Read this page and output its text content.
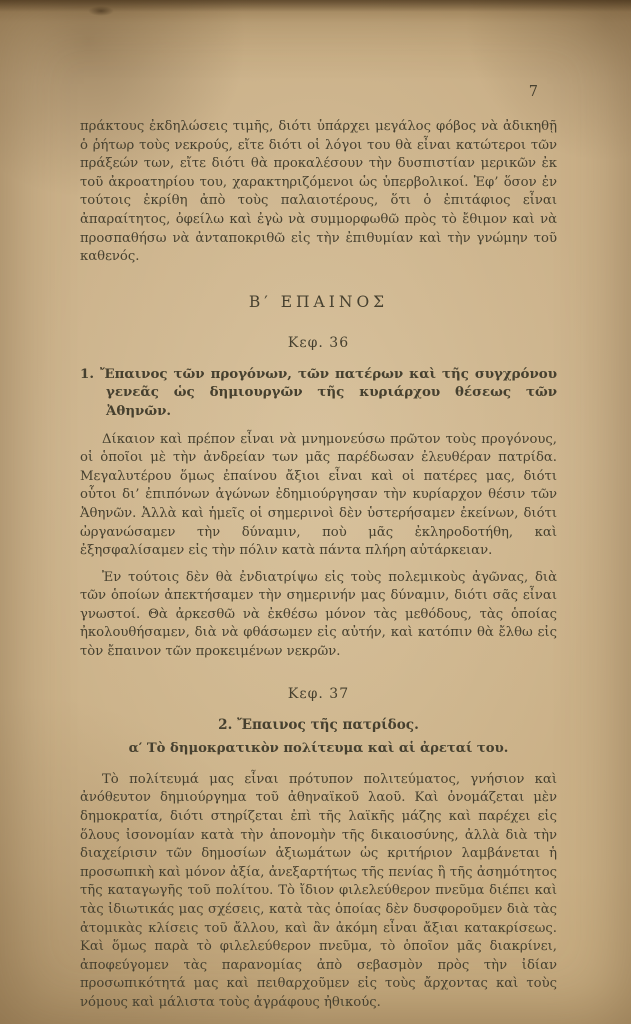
7

πράκτους ἐκδηλώσεις τιμῆς, διότι ὑπάρχει μεγάλος φόβος νὰ ἀδικηθῇ ὁ ῥήτωρ τοὺς νεκρούς, εἴτε διότι οἱ λόγοι του θὰ εἶναι κατώτεροι τῶν πράξεών των, εἴτε διότι θὰ προκαλέσουν τὴν δυσπιστίαν μερικῶν ἐκ τοῦ ἀκροατηρίου του, χαρακτηριζόμενοι ὡς ὑπερβολικοί. Ἐφ’ ὅσον ἐν τούτοις ἐκρίθη ἀπὸ τοὺς παλαιοτέρους, ὅτι ὁ ἐπιτάφιος εἶναι ἀπαραίτητος, ὀφείλω καὶ ἐγὼ νὰ συμμορφωθῶ πρὸς τὸ ἔθιμον καὶ νὰ προσπαθήσω νὰ ἀνταποκριθῶ εἰς τὴν ἐπιθυμίαν καὶ τὴν γνώμην τοῦ καθενός.

Β′ ΕΠΑΙΝΟΣ
Κεφ. 36

1. Ἔπαινος τῶν προγόνων, τῶν πατέρων καὶ τῆς συγχρόνου γενεᾶς ὡς δημιουργῶν τῆς κυριάρχου θέσεως τῶν Ἀθηνῶν.

Δίκαιον καὶ πρέπον εἶναι νὰ μνημονεύσω πρῶτον τοὺς προγόνους, οἱ ὁποῖοι μὲ τὴν ἀνδρείαν των μᾶς παρέδωσαν ἐλευθέραν πατρίδα. Μεγαλυτέρου ὅμως ἐπαίνου ἄξιοι εἶναι καὶ οἱ πατέρες μας, διότι οὗτοι δι’ ἐπιπόνων ἀγώνων ἐδημιούργησαν τὴν κυρίαρχον θέσιν τῶν Ἀθηνῶν. Ἀλλὰ καὶ ἡμεῖς οἱ σημερινοὶ δὲν ὑστερήσαμεν ἐκείνων, διότι ὠργανώσαμεν τὴν δύναμιν, ποὺ μᾶς ἐκληροδοτήθη, καὶ ἐξησφαλίσαμεν εἰς τὴν πόλιν κατὰ πάντα πλήρη αὐτάρκειαν.

Ἐν τούτοις δὲν θὰ ἐνδιατρίψω εἰς τοὺς πολεμικοὺς ἀγῶνας, διὰ τῶν ὁποίων ἀπεκτήσαμεν τὴν σημερινήν μας δύναμιν, διότι σᾶς εἶναι γνωστοί. Θὰ ἀρκεσθῶ νὰ ἐκθέσω μόνον τὰς μεθόδους, τὰς ὁποίας ἠκολουθήσαμεν, διὰ νὰ φθάσωμεν εἰς αὐτήν, καὶ κατόπιν θὰ ἔλθω εἰς τὸν ἔπαινον τῶν προκειμένων νεκρῶν.

Κεφ. 37

2. Ἔπαινος τῆς πατρίδος.

α′ Τὸ δημοκρατικὸν πολίτευμα καὶ αἱ ἀρεταί του.

Τὸ πολίτευμά μας εἶναι πρότυπον πολιτεύματος, γνήσιον καὶ ἀνόθευτον δημιούργημα τοῦ ἀθηναϊκοῦ λαοῦ. Καὶ ὀνομάζεται μὲν δημοκρατία, διότι στηρίζεται ἐπὶ τῆς λαϊκῆς μάζης καὶ παρέχει εἰς ὅλους ἰσονομίαν κατὰ τὴν ἀπονομὴν τῆς δικαιοσύνης, ἀλλὰ διὰ τὴν διαχείρισιν τῶν δημοσίων ἀξιωμάτων ὡς κριτήριον λαμβάνεται ἡ προσωπικὴ καὶ μόνον ἀξία, ἀνεξαρτήτως τῆς πενίας ἢ τῆς ἀσημότητος τῆς καταγωγῆς τοῦ πολίτου. Τὸ ἴδιον φιλελεύθερον πνεῦμα διέπει καὶ τὰς ἰδιωτικάς μας σχέσεις, κατὰ τὰς ὁποίας δὲν δυσφοροῦμεν διὰ τὰς ἀτομικὰς κλίσεις τοῦ ἄλλου, καὶ ἂν ἀκόμη εἶναι ἄξιαι κατακρίσεως. Καὶ ὅμως παρὰ τὸ φιλελεύθερον πνεῦμα, τὸ ὁποῖον μᾶς διακρίνει, ἀποφεύγομεν τὰς παρανομίας ἀπὸ σεβασμὸν πρὸς τὴν ἰδίαν προσωπικότητά μας καὶ πειθαρχοῦμεν εἰς τοὺς ἄρχοντας καὶ τοὺς νόμους καὶ μάλιστα τοὺς ἀγράφους ἠθικούς.
